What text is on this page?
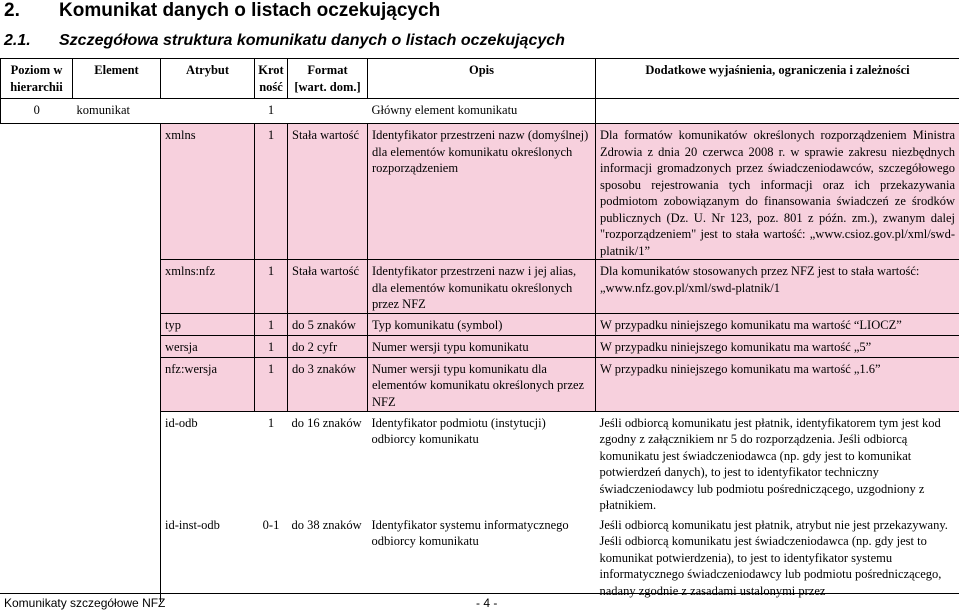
2. Komunikat danych o listach oczekujących
2.1. Szczegółowa struktura komunikatu danych o listach oczekujących
Poziom w hierarchii	Element	Atrybut	Krot ność	Format [wart. dom.]	Opis	Dodatkowe wyjaśnienia, ograniczenia i zależności
0	komunikat		1		Główny element komunikatu	
		xmlns	1	Stała wartość	Identyfikator przestrzeni nazw (domyślnej) dla elementów komunikatu określonych rozporządzeniem	Dla formatów komunikatów określonych rozporządzeniem Ministra Zdrowia z dnia 20 czerwca 2008 r. w sprawie zakresu niezbędnych informacji gromadzonych przez świadczeniodawców, szczegółowego sposobu rejestrowania tych informacji oraz ich przekazywania podmiotom zobowiązanym do finansowania świadczeń ze środków publicznych (Dz. U. Nr 123, poz. 801 z późn. zm.), zwanym dalej "rozporządzeniem" jest to stała wartość: „www.csioz.gov.pl/xml/swd-platnik/1”
		xmlns:nfz	1	Stała wartość	Identyfikator przestrzeni nazw i jej alias, dla elementów komunikatu określonych przez NFZ	Dla komunikatów stosowanych przez NFZ jest to stała wartość: „www.nfz.gov.pl/xml/swd-platnik/1
		typ	1	do 5 znaków	Typ komunikatu (symbol)	W przypadku niniejszego komunikatu ma wartość “LIOCZ”
		wersja	1	do 2 cyfr	Numer wersji typu komunikatu	W przypadku niniejszego komunikatu ma wartość „5”
		nfz:wersja	1	do 3 znaków	Numer wersji typu komunikatu dla elementów komunikatu określonych przez NFZ	W przypadku niniejszego komunikatu ma wartość „1.6”
		id-odb	1	do 16 znaków	Identyfikator podmiotu (instytucji) odbiorcy komunikatu	Jeśli odbiorcą komunikatu jest płatnik, identyfikatorem tym jest kod zgodny z załącznikiem nr 5 do rozporządzenia. Jeśli odbiorcą komunikatu jest świadczeniodawca (np. gdy jest to komunikat potwierdzeń danych), to jest to identyfikator techniczny świadczeniodawcy lub podmiotu pośredniczącego, uzgodniony z płatnikiem.
		id-inst-odb	0-1	do 38 znaków	Identyfikator systemu informatycznego odbiorcy komunikatu	Jeśli odbiorcą komunikatu jest płatnik, atrybut nie jest przekazywany. Jeśli odbiorcą komunikatu jest świadczeniodawca (np. gdy jest to komunikat potwierdzenia), to jest to identyfikator systemu informatycznego świadczeniodawcy lub podmiotu pośredniczącego, nadany zgodnie z zasadami ustalonymi przez
Komunikaty szczegółowe NFZ	- 4 -
